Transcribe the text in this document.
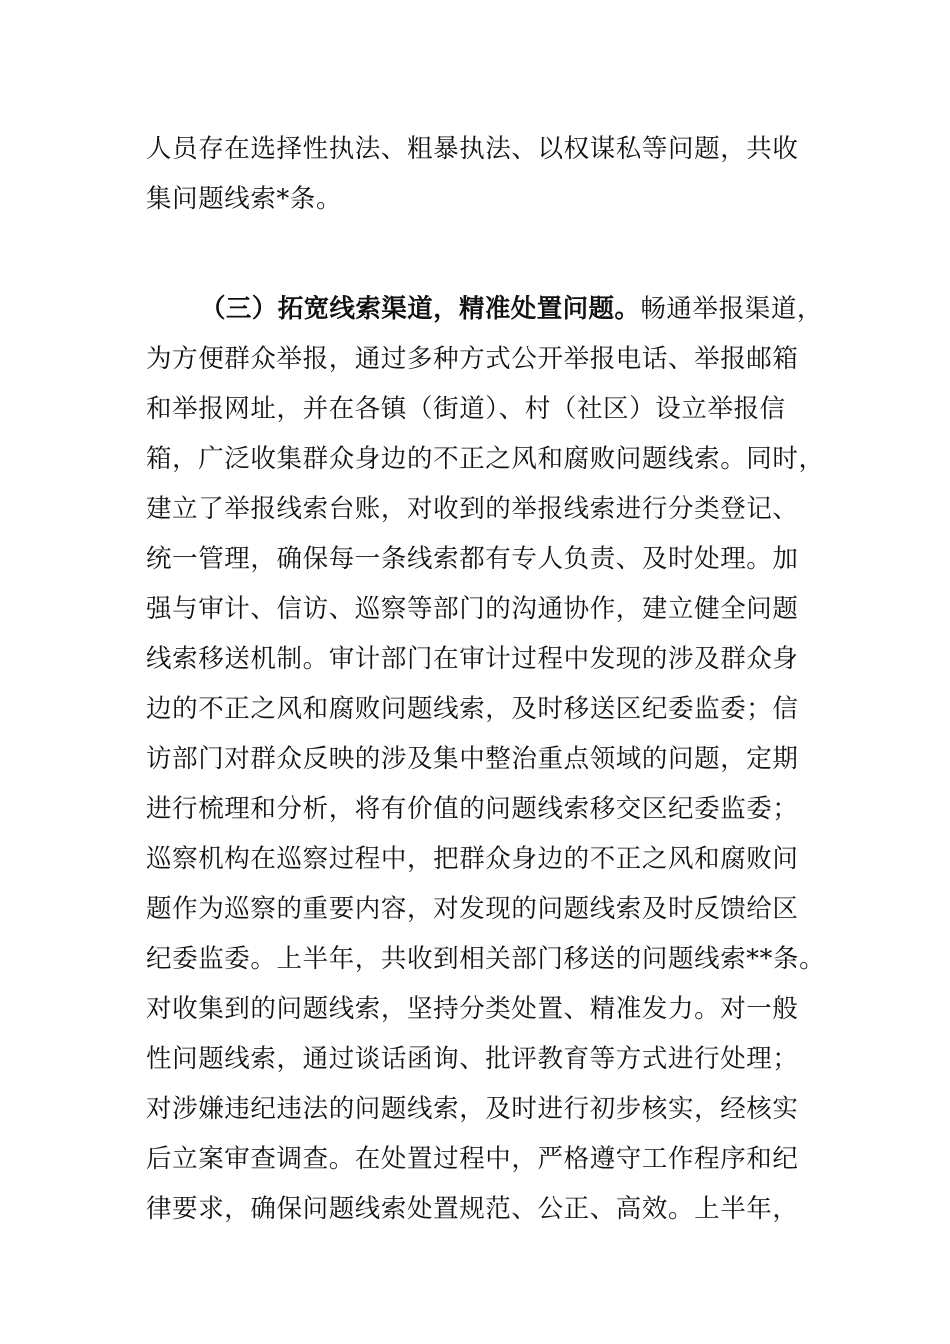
人员存在选择性执法、粗暴执法、以权谋私等问题，共收
集问题线索*条。
（三）拓宽线索渠道，精准处置问题。畅通举报渠道，
为方便群众举报，通过多种方式公开举报电话、举报邮箱
和举报网址，并在各镇（街道）、村（社区）设立举报信
箱，广泛收集群众身边的不正之风和腐败问题线索。同时，
建立了举报线索台账，对收到的举报线索进行分类登记、
统一管理，确保每一条线索都有专人负责、及时处理。加
强与审计、信访、巡察等部门的沟通协作，建立健全问题
线索移送机制。审计部门在审计过程中发现的涉及群众身
边的不正之风和腐败问题线索，及时移送区纪委监委；信
访部门对群众反映的涉及集中整治重点领域的问题，定期
进行梳理和分析，将有价值的问题线索移交区纪委监委；
巡察机构在巡察过程中，把群众身边的不正之风和腐败问
题作为巡察的重要内容，对发现的问题线索及时反馈给区
纪委监委。上半年，共收到相关部门移送的问题线索**条。
对收集到的问题线索，坚持分类处置、精准发力。对一般
性问题线索，通过谈话函询、批评教育等方式进行处理；
对涉嫌违纪违法的问题线索，及时进行初步核实，经核实
后立案审查调查。在处置过程中，严格遵守工作程序和纪
律要求，确保问题线索处置规范、公正、高效。上半年，
